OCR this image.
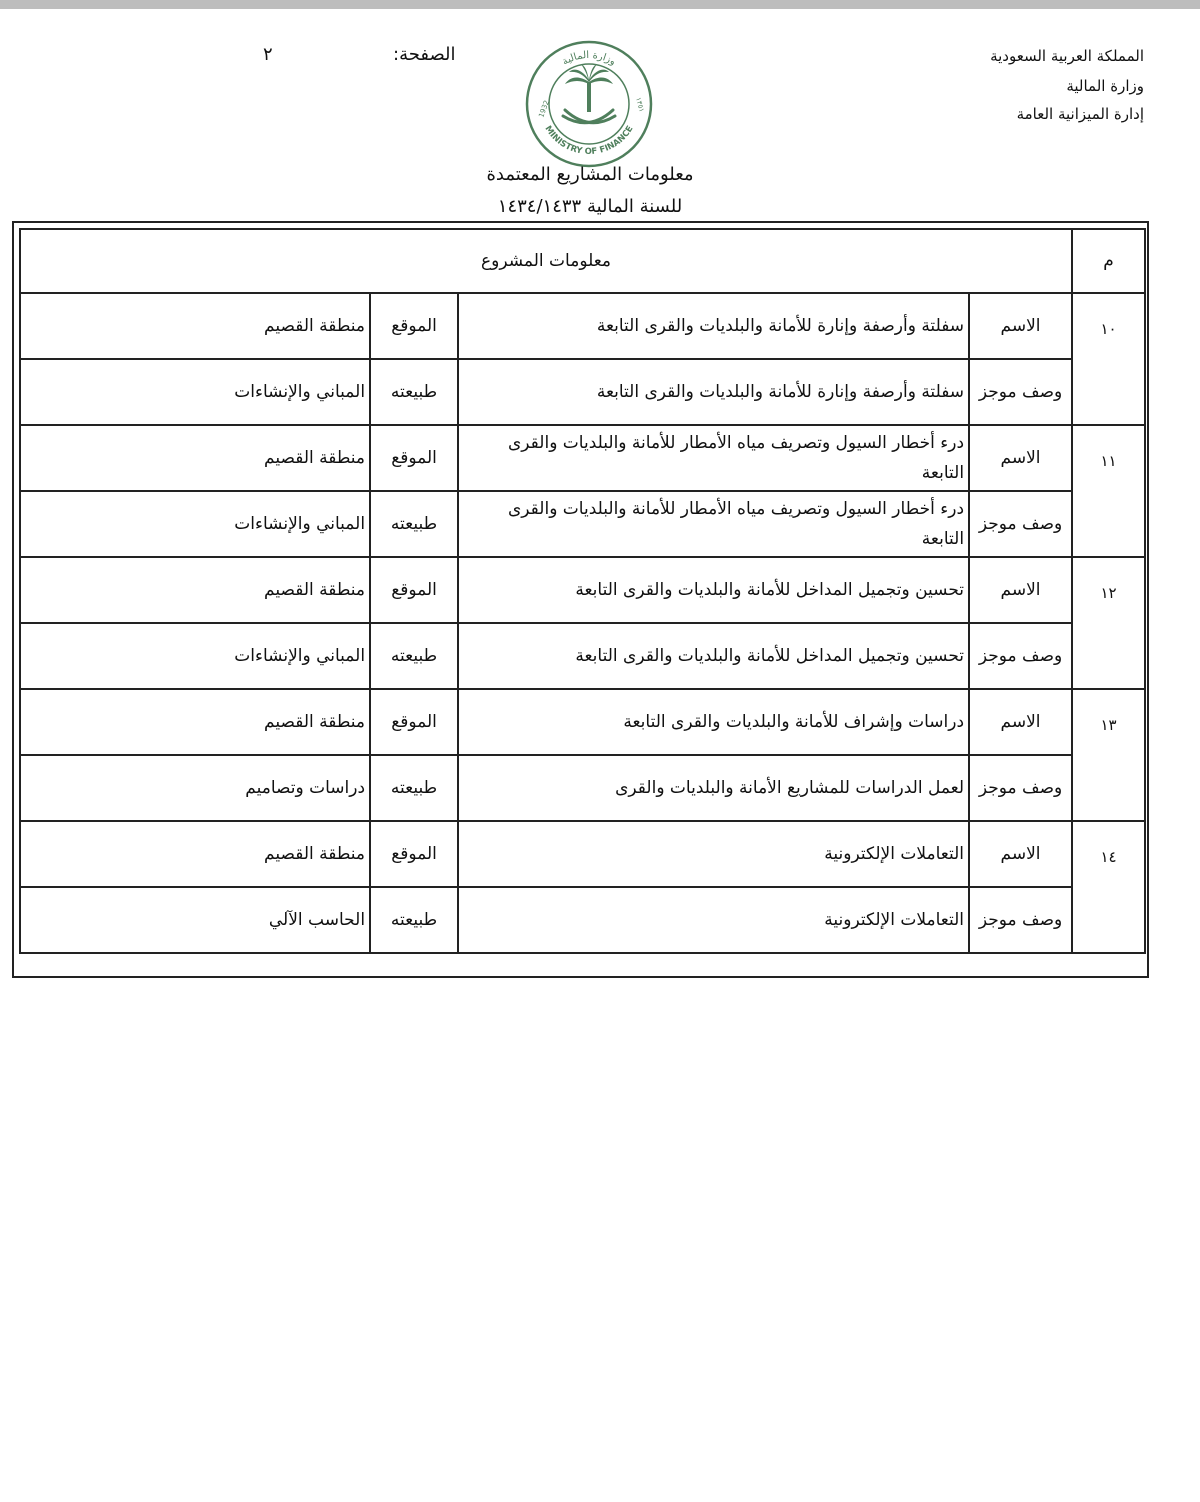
المملكة العربية السعودية
وزارة المالية
إدارة الميزانية العامة
الصفحة:
٢	وزارة المالية
MINISTRY OF FINANCE
1932	١٣٥١
معلومات المشاريع المعتمدة
للسنة المالية ١٤٣٤/١٤٣٣
م	معلومات المشروع			
١٠	الاسم	سفلتة وأرصفة وإنارة للأمانة والبلديات والقرى التابعة	الموقع	منطقة القصيم
	وصف موجز	سفلتة وأرصفة وإنارة للأمانة والبلديات والقرى التابعة	طبيعته	المباني والإنشاءات
١١	الاسم	درء أخطار السيول وتصريف مياه الأمطار للأمانة والبلديات والقرى التابعة	الموقع	منطقة القصيم
	وصف موجز	درء أخطار السيول وتصريف مياه الأمطار للأمانة والبلديات والقرى التابعة	طبيعته	المباني والإنشاءات
١٢	الاسم	تحسين وتجميل المداخل للأمانة والبلديات والقرى التابعة	الموقع	منطقة القصيم
	وصف موجز	تحسين وتجميل المداخل للأمانة والبلديات والقرى التابعة	طبيعته	المباني والإنشاءات
١٣	الاسم	دراسات وإشراف للأمانة والبلديات والقرى التابعة	الموقع	منطقة القصيم
	وصف موجز	لعمل الدراسات للمشاريع الأمانة والبلديات والقرى	طبيعته	دراسات وتصاميم
١٤	الاسم	التعاملات الإلكترونية	الموقع	منطقة القصيم
	وصف موجز	التعاملات الإلكترونية	طبيعته	الحاسب الآلي
